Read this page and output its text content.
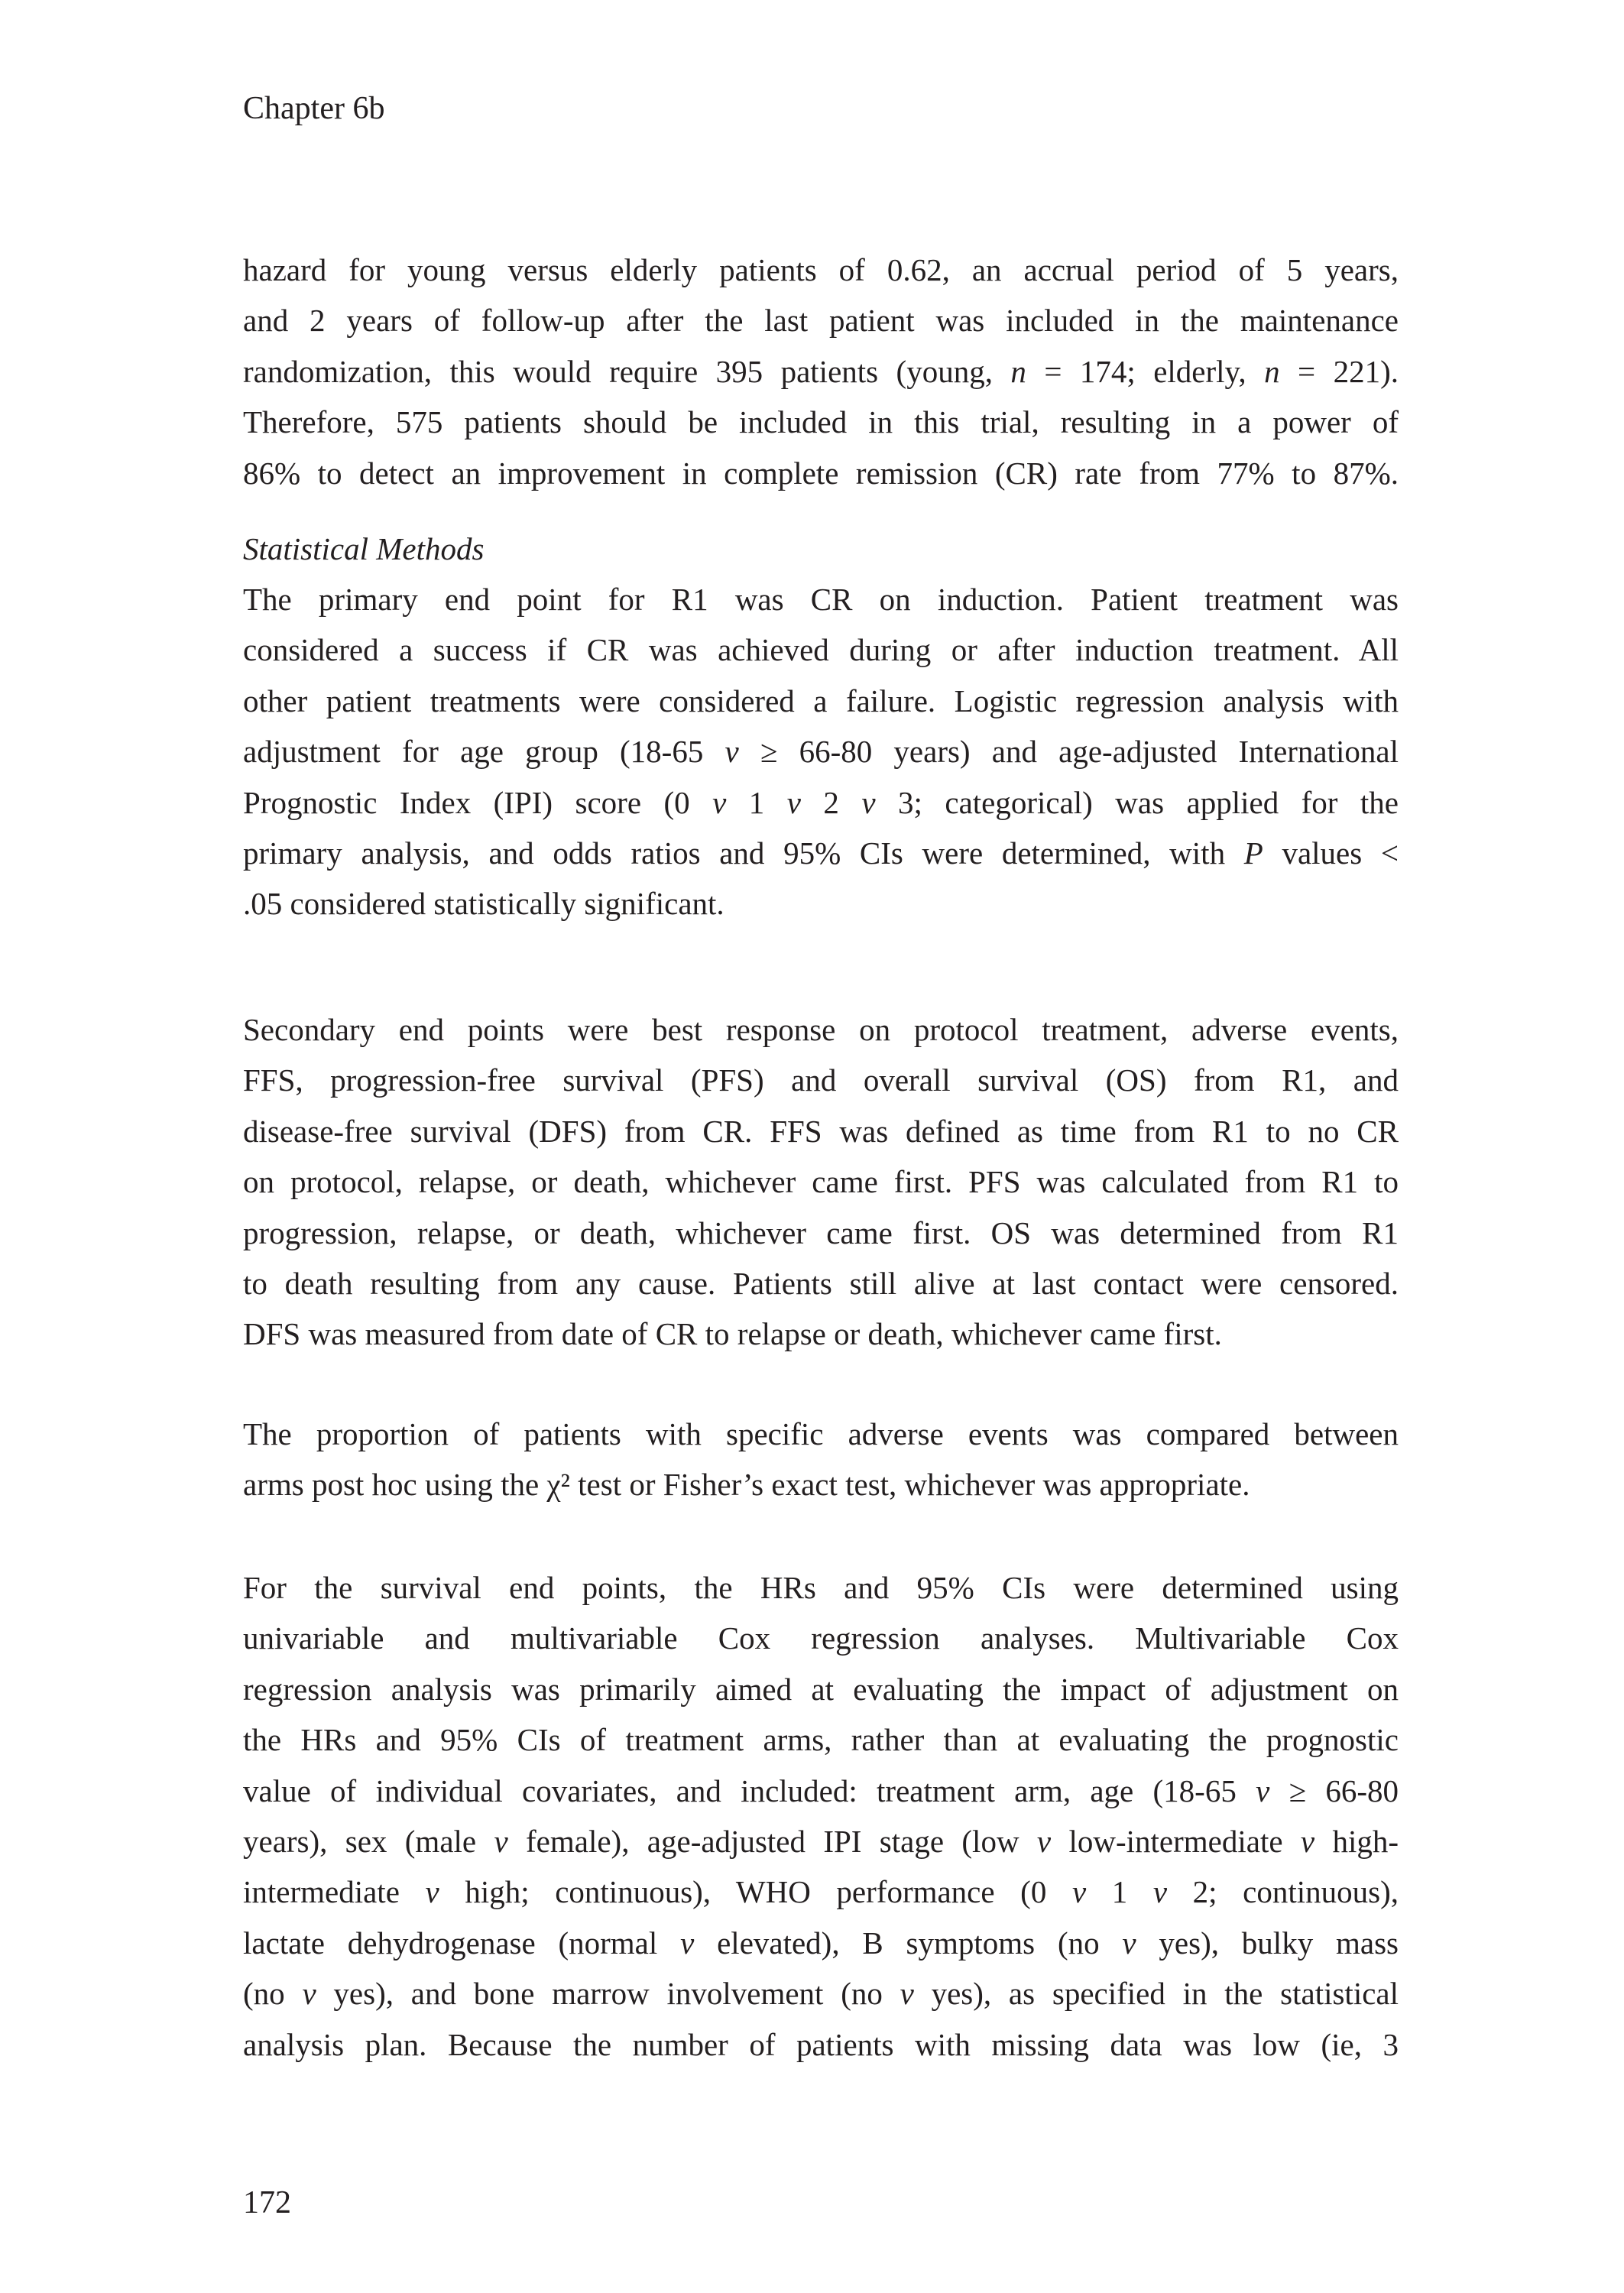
Chapter 6b
Statistical Methods
hazard for young versus elderly patients of 0.62, an accrual period of 5 years,
and 2 years of follow-up after the last patient was included in the maintenance
randomization, this would require 395 patients (young, n = 174; elderly, n = 221).
Therefore, 575 patients should be included in this trial, resulting in a power of
86% to detect an improvement in complete remission (CR) rate from 77% to 87%.
The primary end point for R1 was CR on induction. Patient treatment was
considered a success if CR was achieved during or after induction treatment. All
other patient treatments were considered a failure. Logistic regression analysis with
adjustment for age group (18-65 v ≥ 66-80 years) and age-adjusted International
Prognostic Index (IPI) score (0 v 1 v 2 v 3; categorical) was applied for the
primary analysis, and odds ratios and 95% CIs were determined, with P values <
.05 considered statistically significant.
Secondary end points were best response on protocol treatment, adverse events,
FFS, progression-free survival (PFS) and overall survival (OS) from R1, and
disease-free survival (DFS) from CR. FFS was defined as time from R1 to no CR
on protocol, relapse, or death, whichever came first. PFS was calculated from R1 to
progression, relapse, or death, whichever came first. OS was determined from R1
to death resulting from any cause. Patients still alive at last contact were censored.
DFS was measured from date of CR to relapse or death, whichever came first.
The proportion of patients with specific adverse events was compared between
arms post hoc using the χ² test or Fisher’s exact test, whichever was appropriate.
For the survival end points, the HRs and 95% CIs were determined using
univariable and multivariable Cox regression analyses. Multivariable Cox
regression analysis was primarily aimed at evaluating the impact of adjustment on
the HRs and 95% CIs of treatment arms, rather than at evaluating the prognostic
value of individual covariates, and included: treatment arm, age (18-65 v ≥ 66-80
years), sex (male v female), age-adjusted IPI stage (low v low-intermediate v high-
intermediate v high; continuous), WHO performance (0 v 1 v 2; continuous),
lactate dehydrogenase (normal v elevated), B symptoms (no v yes), bulky mass
(no v yes), and bone marrow involvement (no v yes), as specified in the statistical
analysis plan. Because the number of patients with missing data was low (ie, 3
172
